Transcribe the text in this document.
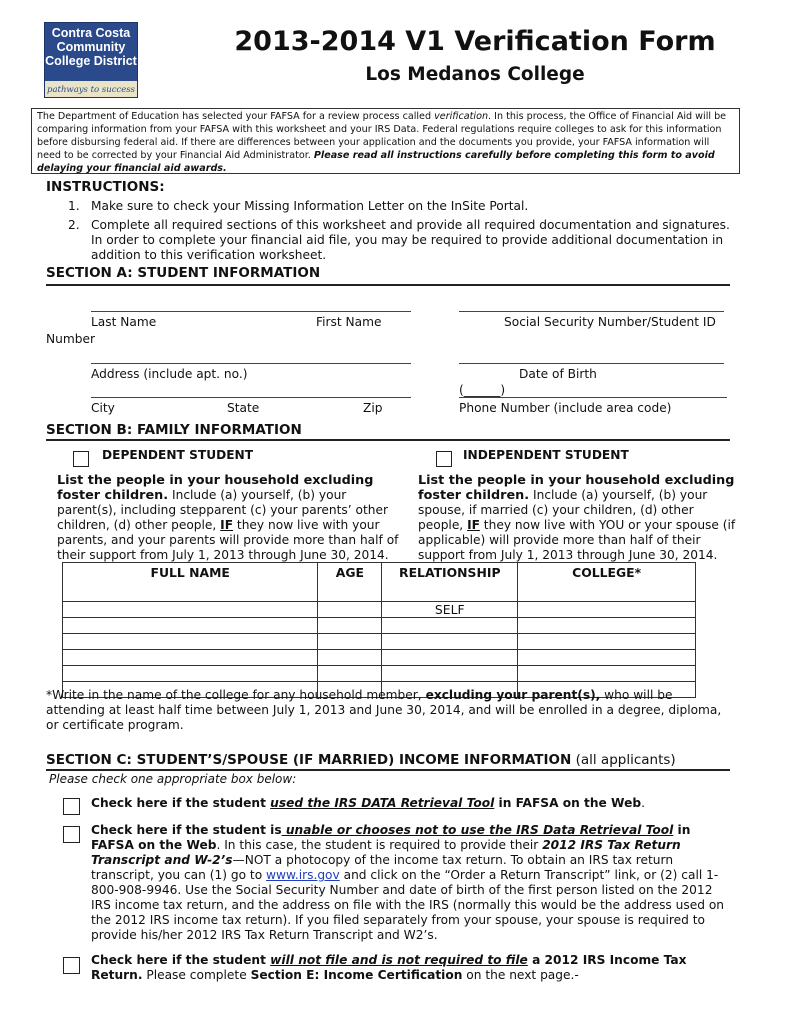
Contra Costa
Community
College District
pathways to success
2013-2014 V1 Verification Form
Los Medanos College
The Department of Education has selected your FAFSA for a review process called verification. In this process, the Office of Financial Aid will be comparing information from your FAFSA with this worksheet and your IRS Data. Federal regulations require colleges to ask for this information before disbursing federal aid. If there are differences between your application and the documents you provide, your FAFSA information will need to be corrected by your Financial Aid Administrator. Please read all instructions carefully before completing this form to avoid delaying your financial aid awards.
INSTRUCTIONS:
1. Make sure to check your Missing Information Letter on the InSite Portal.
2. Complete all required sections of this worksheet and provide all required documentation and signatures. In order to complete your financial aid file, you may be required to provide additional documentation in addition to this verification worksheet.
SECTION A: STUDENT INFORMATION
Last Name	First Name	Social Security Number/Student ID
Number
Address (include apt. no.)	Date of Birth
(______)
City	State	Zip	Phone Number (include area code)
SECTION B: FAMILY INFORMATION
DEPENDENT STUDENT	INDEPENDENT STUDENT
List the people in your household excluding foster children. Include (a) yourself, (b) your parent(s), including stepparent (c) your parents’ other children, (d) other people, IF they now live with your parents, and your parents will provide more than half of their support from July 1, 2013 through June 30, 2014.
List the people in your household excluding foster children. Include (a) yourself, (b) your spouse, if married (c) your children, (d) other people, IF they now live with YOU or your spouse (if applicable) will provide more than half of their support from July 1, 2013 through June 30, 2014.
FULL NAME	AGE	RELATIONSHIP	COLLEGE*
		SELF	

*Write in the name of the college for any household member, excluding your parent(s), who will be attending at least half time between July 1, 2013 and June 30, 2014, and will be enrolled in a degree, diploma, or certificate program.
SECTION C: STUDENT’S/SPOUSE (IF MARRIED) INCOME INFORMATION (all applicants)
Please check one appropriate box below:
Check here if the student used the IRS DATA Retrieval Tool in FAFSA on the Web.
Check here if the student is unable or chooses not to use the IRS Data Retrieval Tool in FAFSA on the Web. In this case, the student is required to provide their 2012 IRS Tax Return Transcript and W-2’s—NOT a photocopy of the income tax return. To obtain an IRS tax return transcript, you can (1) go to www.irs.gov and click on the “Order a Return Transcript” link, or (2) call 1-800-908-9946. Use the Social Security Number and date of birth of the first person listed on the 2012 IRS income tax return, and the address on file with the IRS (normally this would be the address used on the 2012 IRS income tax return). If you filed separately from your spouse, your spouse is required to provide his/her 2012 IRS Tax Return Transcript and W2’s.
Check here if the student will not file and is not required to file a 2012 IRS Income Tax Return. Please complete Section E: Income Certification on the next page.-
